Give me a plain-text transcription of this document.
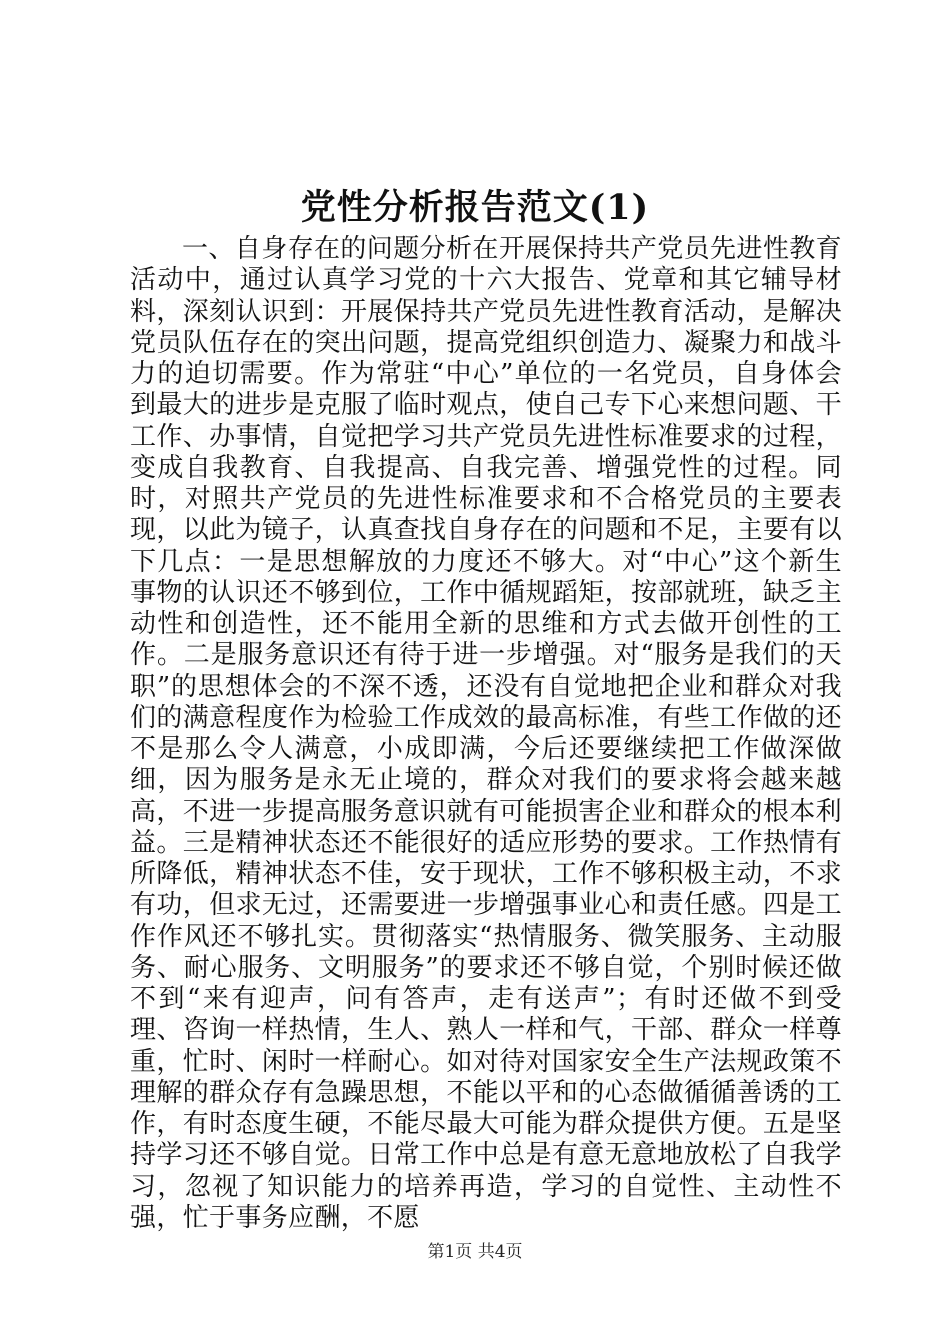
党性分析报告范文(1)

一、自身存在的问题分析在开展保持共产党员先进性教育活动中，通过认真学习党的十六大报告、党章和其它辅导材料，深刻认识到：开展保持共产党员先进性教育活动，是解决党员队伍存在的突出问题，提高党组织创造力、凝聚力和战斗力的迫切需要。作为常驻“中心”单位的一名党员，自身体会到最大的进步是克服了临时观点，使自己专下心来想问题、干工作、办事情，自觉把学习共产党员先进性标准要求的过程，变成自我教育、自我提高、自我完善、增强党性的过程。同时，对照共产党员的先进性标准要求和不合格党员的主要表现，以此为镜子，认真查找自身存在的问题和不足，主要有以下几点：一是思想解放的力度还不够大。对“中心”这个新生事物的认识还不够到位，工作中循规蹈矩，按部就班，缺乏主动性和创造性，还不能用全新的思维和方式去做开创性的工作。二是服务意识还有待于进一步增强。对“服务是我们的天职”的思想体会的不深不透，还没有自觉地把企业和群众对我们的满意程度作为检验工作成效的最高标准，有些工作做的还不是那么令人满意，小成即满，今后还要继续把工作做深做细，因为服务是永无止境的，群众对我们的要求将会越来越高，不进一步提高服务意识就有可能损害企业和群众的根本利益。三是精神状态还不能很好的适应形势的要求。工作热情有所降低，精神状态不佳，安于现状，工作不够积极主动，不求有功，但求无过，还需要进一步增强事业心和责任感。四是工作作风还不够扎实。贯彻落实“热情服务、微笑服务、主动服务、耐心服务、文明服务”的要求还不够自觉，个别时候还做不到“来有迎声，问有答声，走有送声”；有时还做不到受理、咨询一样热情，生人、熟人一样和气，干部、群众一样尊重，忙时、闲时一样耐心。如对待对国家安全生产法规政策不理解的群众存有急躁思想，不能以平和的心态做循循善诱的工作，有时态度生硬，不能尽最大可能为群众提供方便。五是坚持学习还不够自觉。日常工作中总是有意无意地放松了自我学习，忽视了知识能力的培养再造，学习的自觉性、主动性不强，忙于事务应酬，不愿

第1页 共4页
